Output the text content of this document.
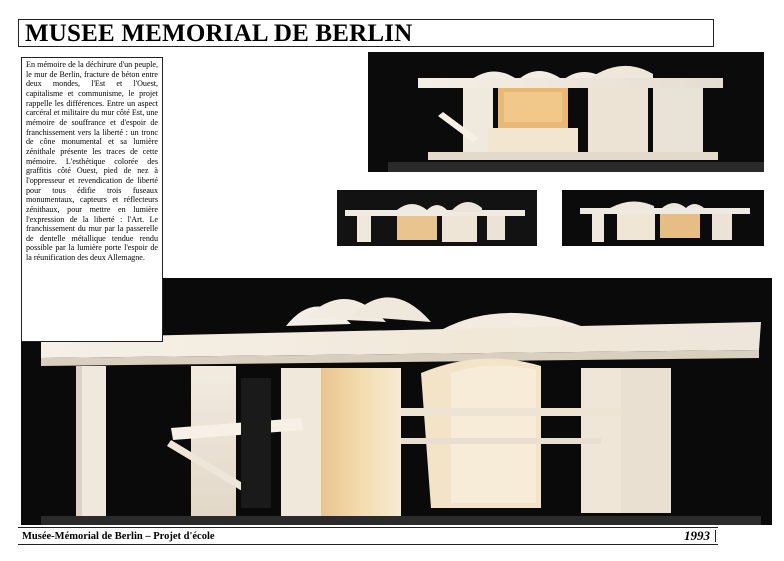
MUSEE MEMORIAL DE BERLIN

En mémoire de la déchirure d'un peuple, le mur de Berlin, fracture de béton entre deux mondes, l'Est et l'Ouest, capitalisme et communisme, le projet rappelle les différences. Entre un aspect carcéral et militaire du mur côté Est, une mémoire de souffrance et d'espoir de franchissement vers la liberté : un tronc de cône monumental et sa lumière zénithale présente les traces de cette mémoire. L'esthétique colorée des graffitis côté Ouest, pied de nez à l'oppresseur et revendication de liberté pour tous édifie trois fuseaux monumentaux, capteurs et réflecteurs zénithaux, pour mettre en lumière l'expression de la liberté : l'Art. Le franchissement du mur par la passerelle de dentelle métallique tendue rendu possible par la lumière porte l'espoir de la réunification des deux Allemagne.

Musée-Mémorial de Berlin – Projet d'école	1993
